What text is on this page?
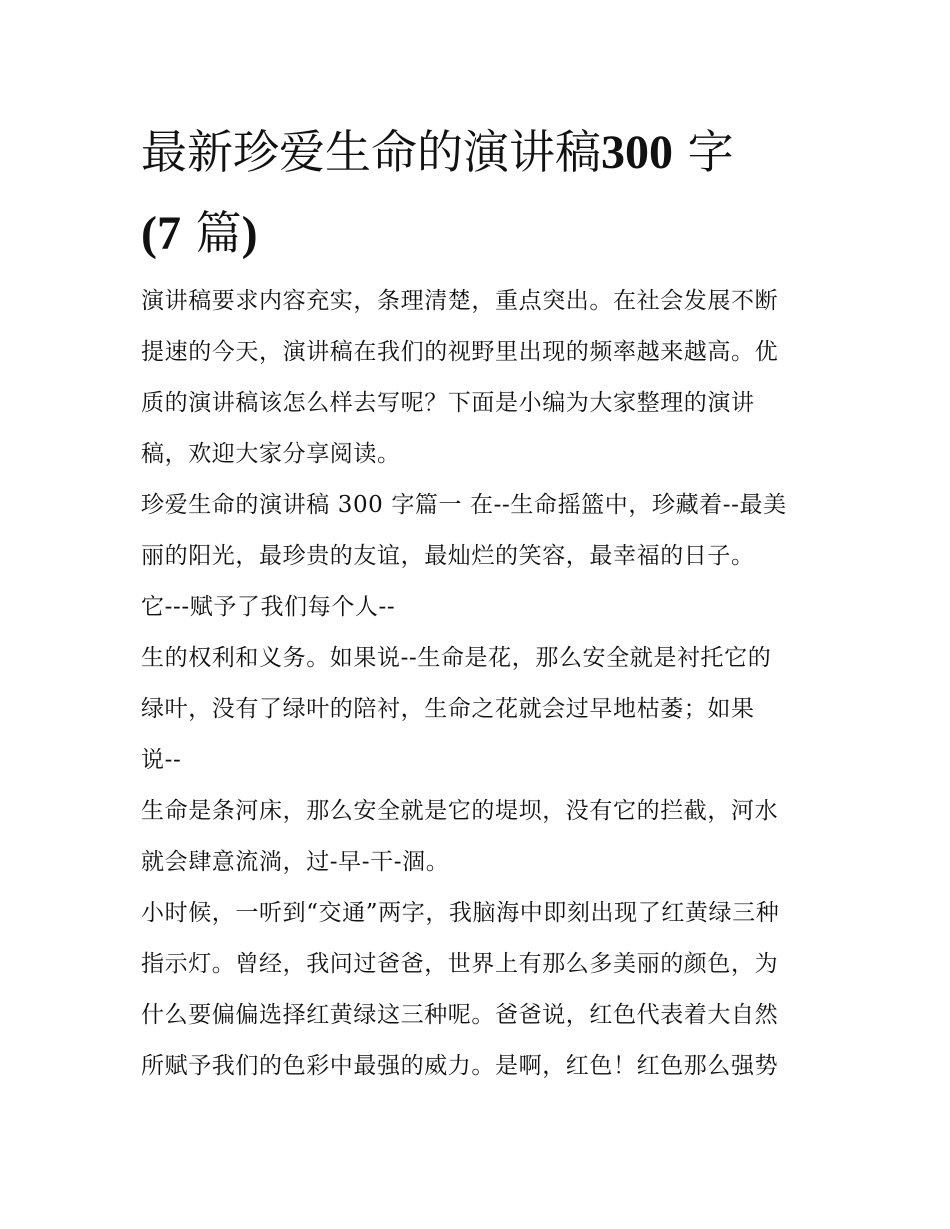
最新珍爱生命的演讲稿300 字
(7 篇)
演讲稿要求内容充实，条理清楚，重点突出。在社会发展不断
提速的今天，演讲稿在我们的视野里出现的频率越来越高。优
质的演讲稿该怎么样去写呢？下面是小编为大家整理的演讲
稿，欢迎大家分享阅读。
珍爱生命的演讲稿 300 字篇一 在--生命摇篮中，珍藏着--最美
丽的阳光，最珍贵的友谊，最灿烂的笑容，最幸福的日子。
它---赋予了我们每个人--
生的权利和义务。如果说--生命是花，那么安全就是衬托它的
绿叶，没有了绿叶的陪衬，生命之花就会过早地枯萎；如果
说--
生命是条河床，那么安全就是它的堤坝，没有它的拦截，河水
就会肆意流淌，过-早-干-涸。
小时候，一听到“交通”两字，我脑海中即刻出现了红黄绿三种
指示灯。曾经，我问过爸爸，世界上有那么多美丽的颜色，为
什么要偏偏选择红黄绿这三种呢。爸爸说，红色代表着大自然
所赋予我们的色彩中最强的威力。是啊，红色！红色那么强势
